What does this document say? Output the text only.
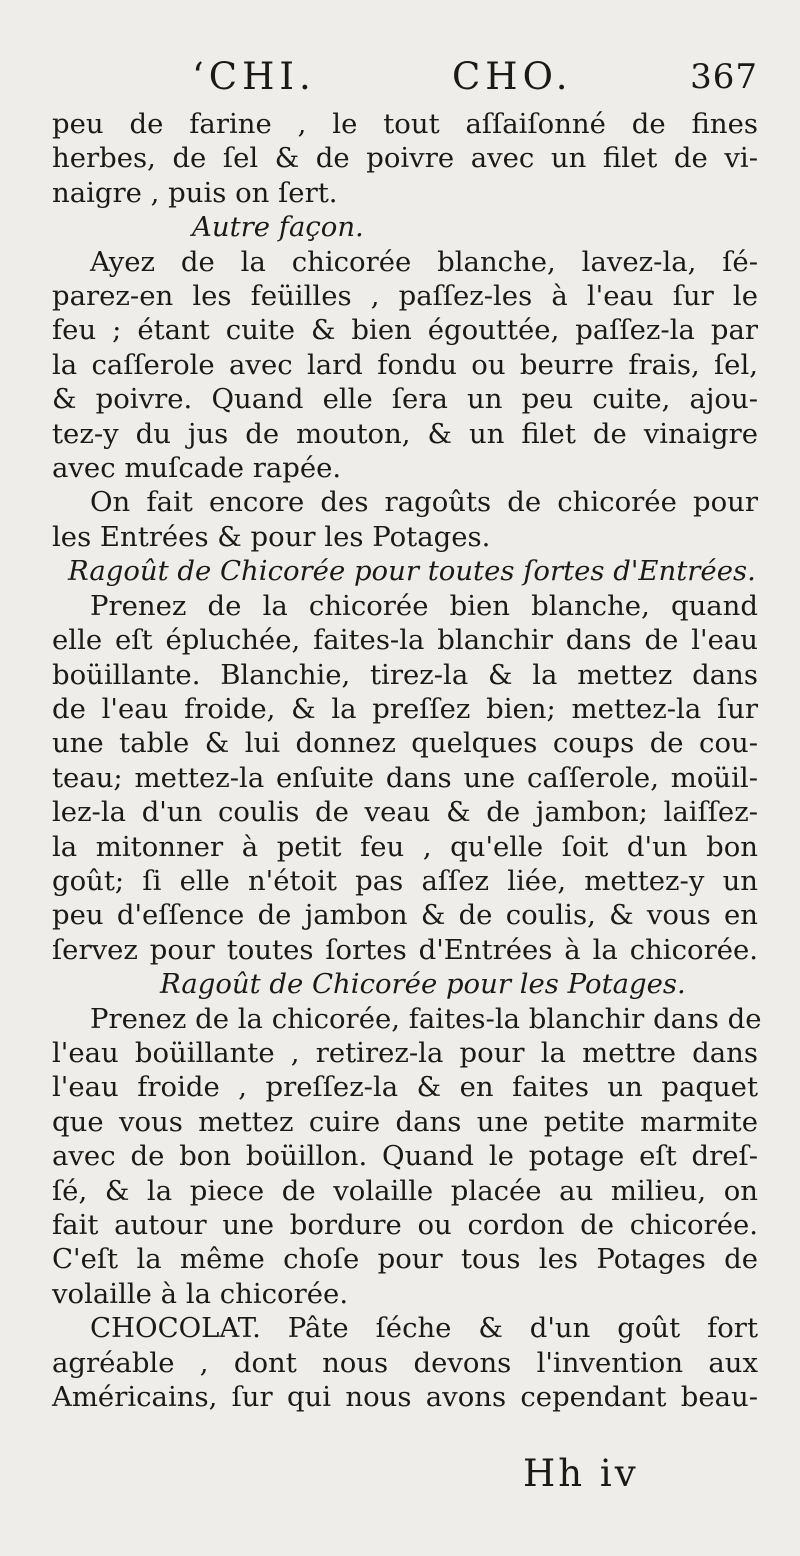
ʻCHI.	CHO.	367
peu de farine , le tout aſſaiſonné de fines
herbes, de ſel & de poivre avec un filet de vi-
naigre , puis on ſert.
Autre façon.
Ayez de la chicorée blanche, lavez-la, ſé-
parez-en les feüilles , paſſez-les à l'eau ſur le
feu ; étant cuite & bien égouttée, paſſez-la par
la caſſerole avec lard fondu ou beurre frais, ſel,
& poivre. Quand elle ſera un peu cuite, ajou-
tez-y du jus de mouton, & un filet de vinaigre
avec muſcade rapée.
On fait encore des ragoûts de chicorée pour
les Entrées & pour les Potages.
Ragoût de Chicorée pour toutes ſortes d'Entrées.
Prenez de la chicorée bien blanche, quand
elle eſt épluchée, faites-la blanchir dans de l'eau
boüillante. Blanchie, tirez-la & la mettez dans
de l'eau froide, & la preſſez bien; mettez-la ſur
une table & lui donnez quelques coups de cou-
teau; mettez-la enſuite dans une caſſerole, moüil-
lez-la d'un coulis de veau & de jambon; laiſſez-
la mitonner à petit feu , qu'elle ſoit d'un bon
goût; ſi elle n'étoit pas aſſez liée, mettez-y un
peu d'eſſence de jambon & de coulis, & vous en
ſervez pour toutes ſortes d'Entrées à la chicorée.
Ragoût de Chicorée pour les Potages.
Prenez de la chicorée, faites-la blanchir dans de
l'eau boüillante , retirez-la pour la mettre dans
l'eau froide , preſſez-la & en faites un paquet
que vous mettez cuire dans une petite marmite
avec de bon boüillon. Quand le potage eſt dreſ-
ſé, & la piece de volaille placée au milieu, on
fait autour une bordure ou cordon de chicorée.
C'eſt la même choſe pour tous les Potages de
volaille à la chicorée.
CHOCOLAT. Pâte ſéche & d'un goût fort
agréable , dont nous devons l'invention aux
Américains, ſur qui nous avons cependant beau-
Hh iv
